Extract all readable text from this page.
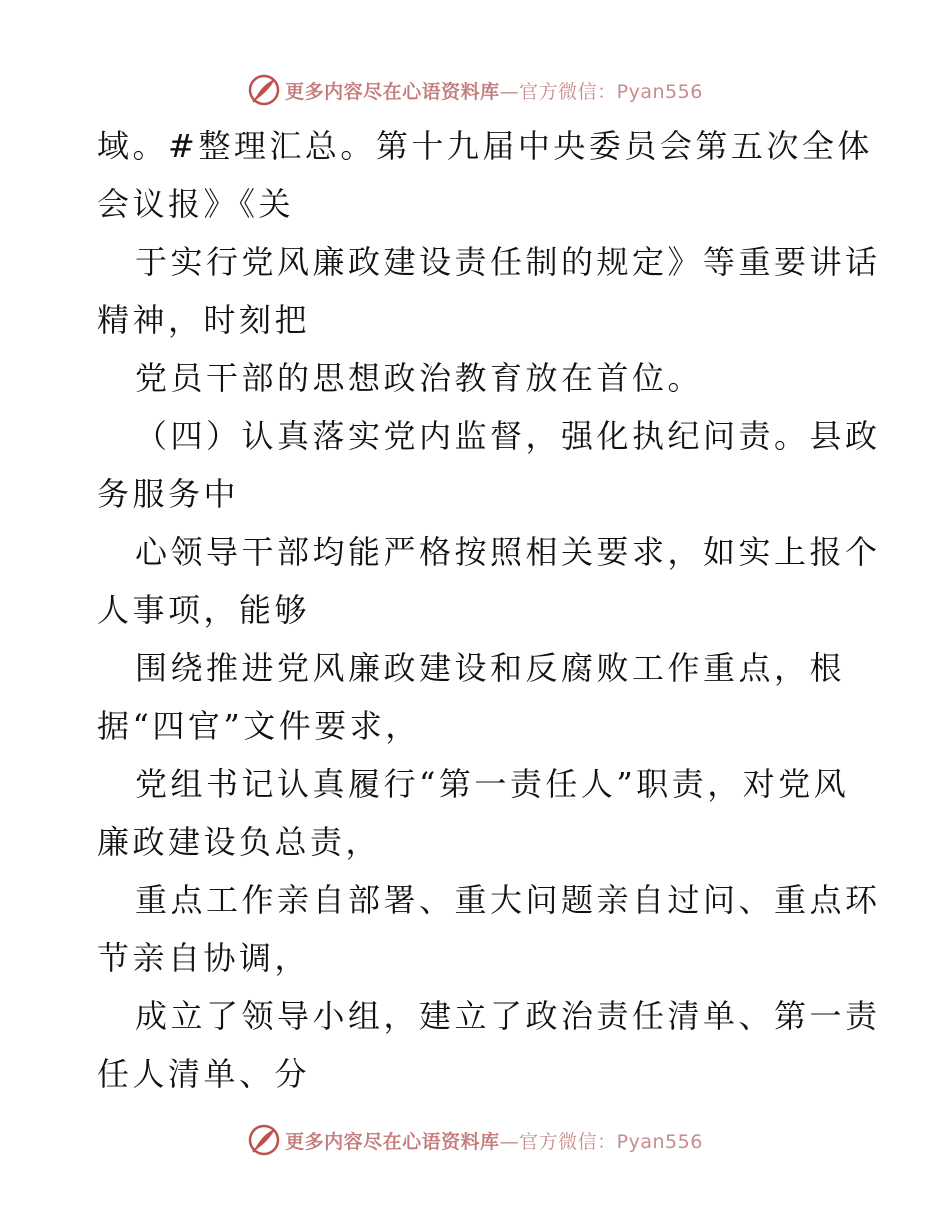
更多内容尽在心语资料库—官方微信：Pyan556
域。#整理汇总。第十九届中央委员会第五次全体
会议报》《关
于实行党风廉政建设责任制的规定》等重要讲话
精神，时刻把
党员干部的思想政治教育放在首位。
（四）认真落实党内监督，强化执纪问责。县政
务服务中
心领导干部均能严格按照相关要求，如实上报个
人事项，能够
围绕推进党风廉政建设和反腐败工作重点，根
据“四官”文件要求，
党组书记认真履行“第一责任人”职责，对党风
廉政建设负总责，
重点工作亲自部署、重大问题亲自过问、重点环
节亲自协调，
成立了领导小组，建立了政治责任清单、第一责
任人清单、分
更多内容尽在心语资料库—官方微信：Pyan556
